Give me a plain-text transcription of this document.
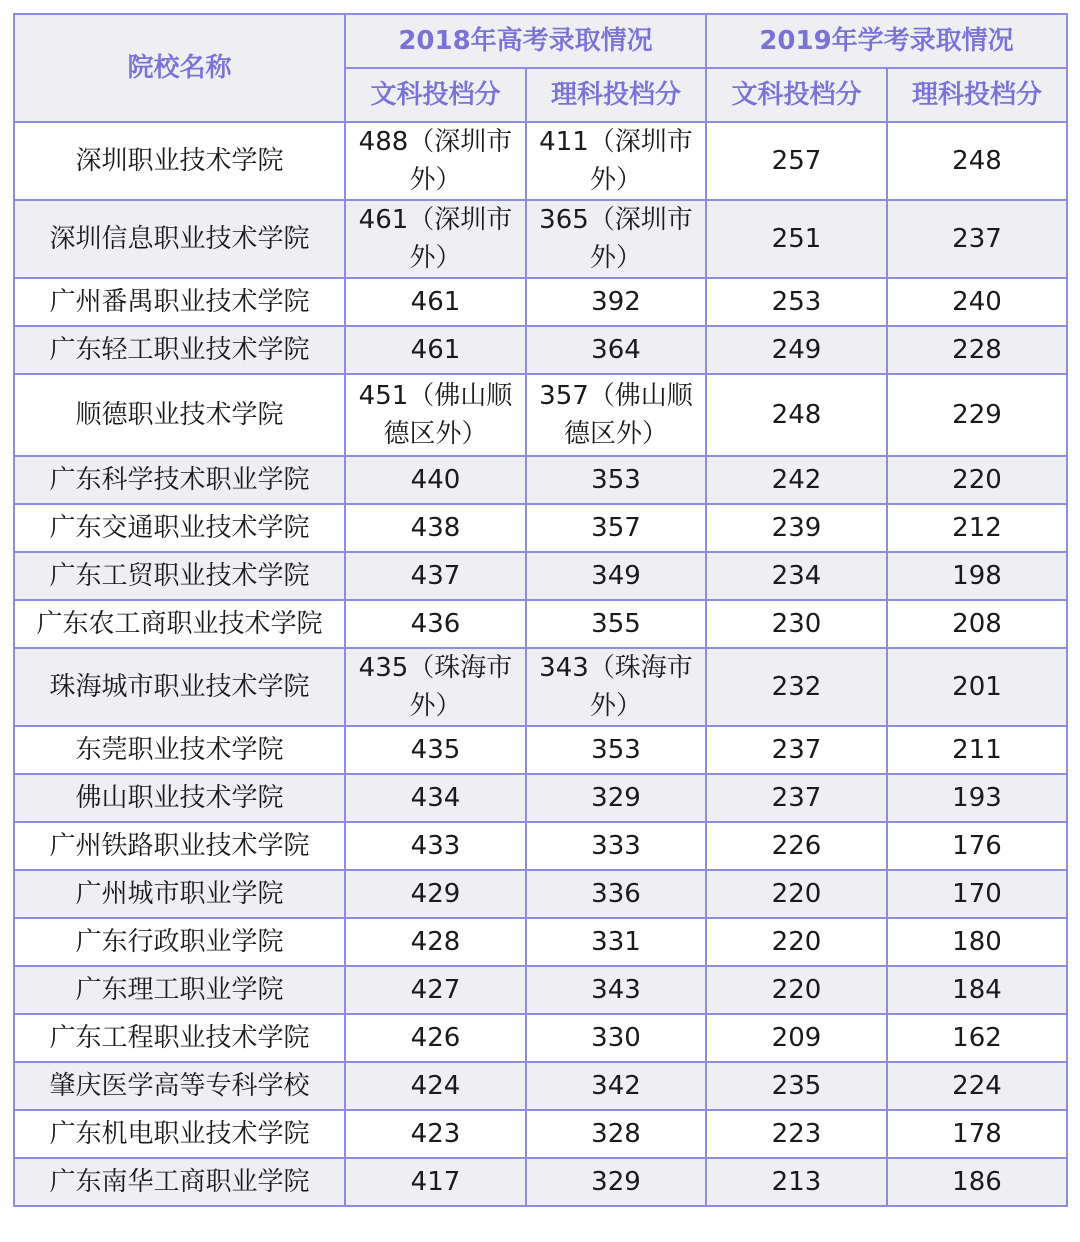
院校名称	2018年高考录取情况		2019年学考录取情况	
	文科投档分	理科投档分	文科投档分	理科投档分
深圳职业技术学院	488（深圳市外）	411（深圳市外）	257	248
深圳信息职业技术学院	461（深圳市外）	365（深圳市外）	251	237
广州番禺职业技术学院	461	392	253	240
广东轻工职业技术学院	461	364	249	228
顺德职业技术学院	451（佛山顺德区外）	357（佛山顺德区外）	248	229
广东科学技术职业学院	440	353	242	220
广东交通职业技术学院	438	357	239	212
广东工贸职业技术学院	437	349	234	198
广东农工商职业技术学院	436	355	230	208
珠海城市职业技术学院	435（珠海市外）	343（珠海市外）	232	201
东莞职业技术学院	435	353	237	211
佛山职业技术学院	434	329	237	193
广州铁路职业技术学院	433	333	226	176
广州城市职业学院	429	336	220	170
广东行政职业学院	428	331	220	180
广东理工职业学院	427	343	220	184
广东工程职业技术学院	426	330	209	162
肇庆医学高等专科学校	424	342	235	224
广东机电职业技术学院	423	328	223	178
广东南华工商职业学院	417	329	213	186
